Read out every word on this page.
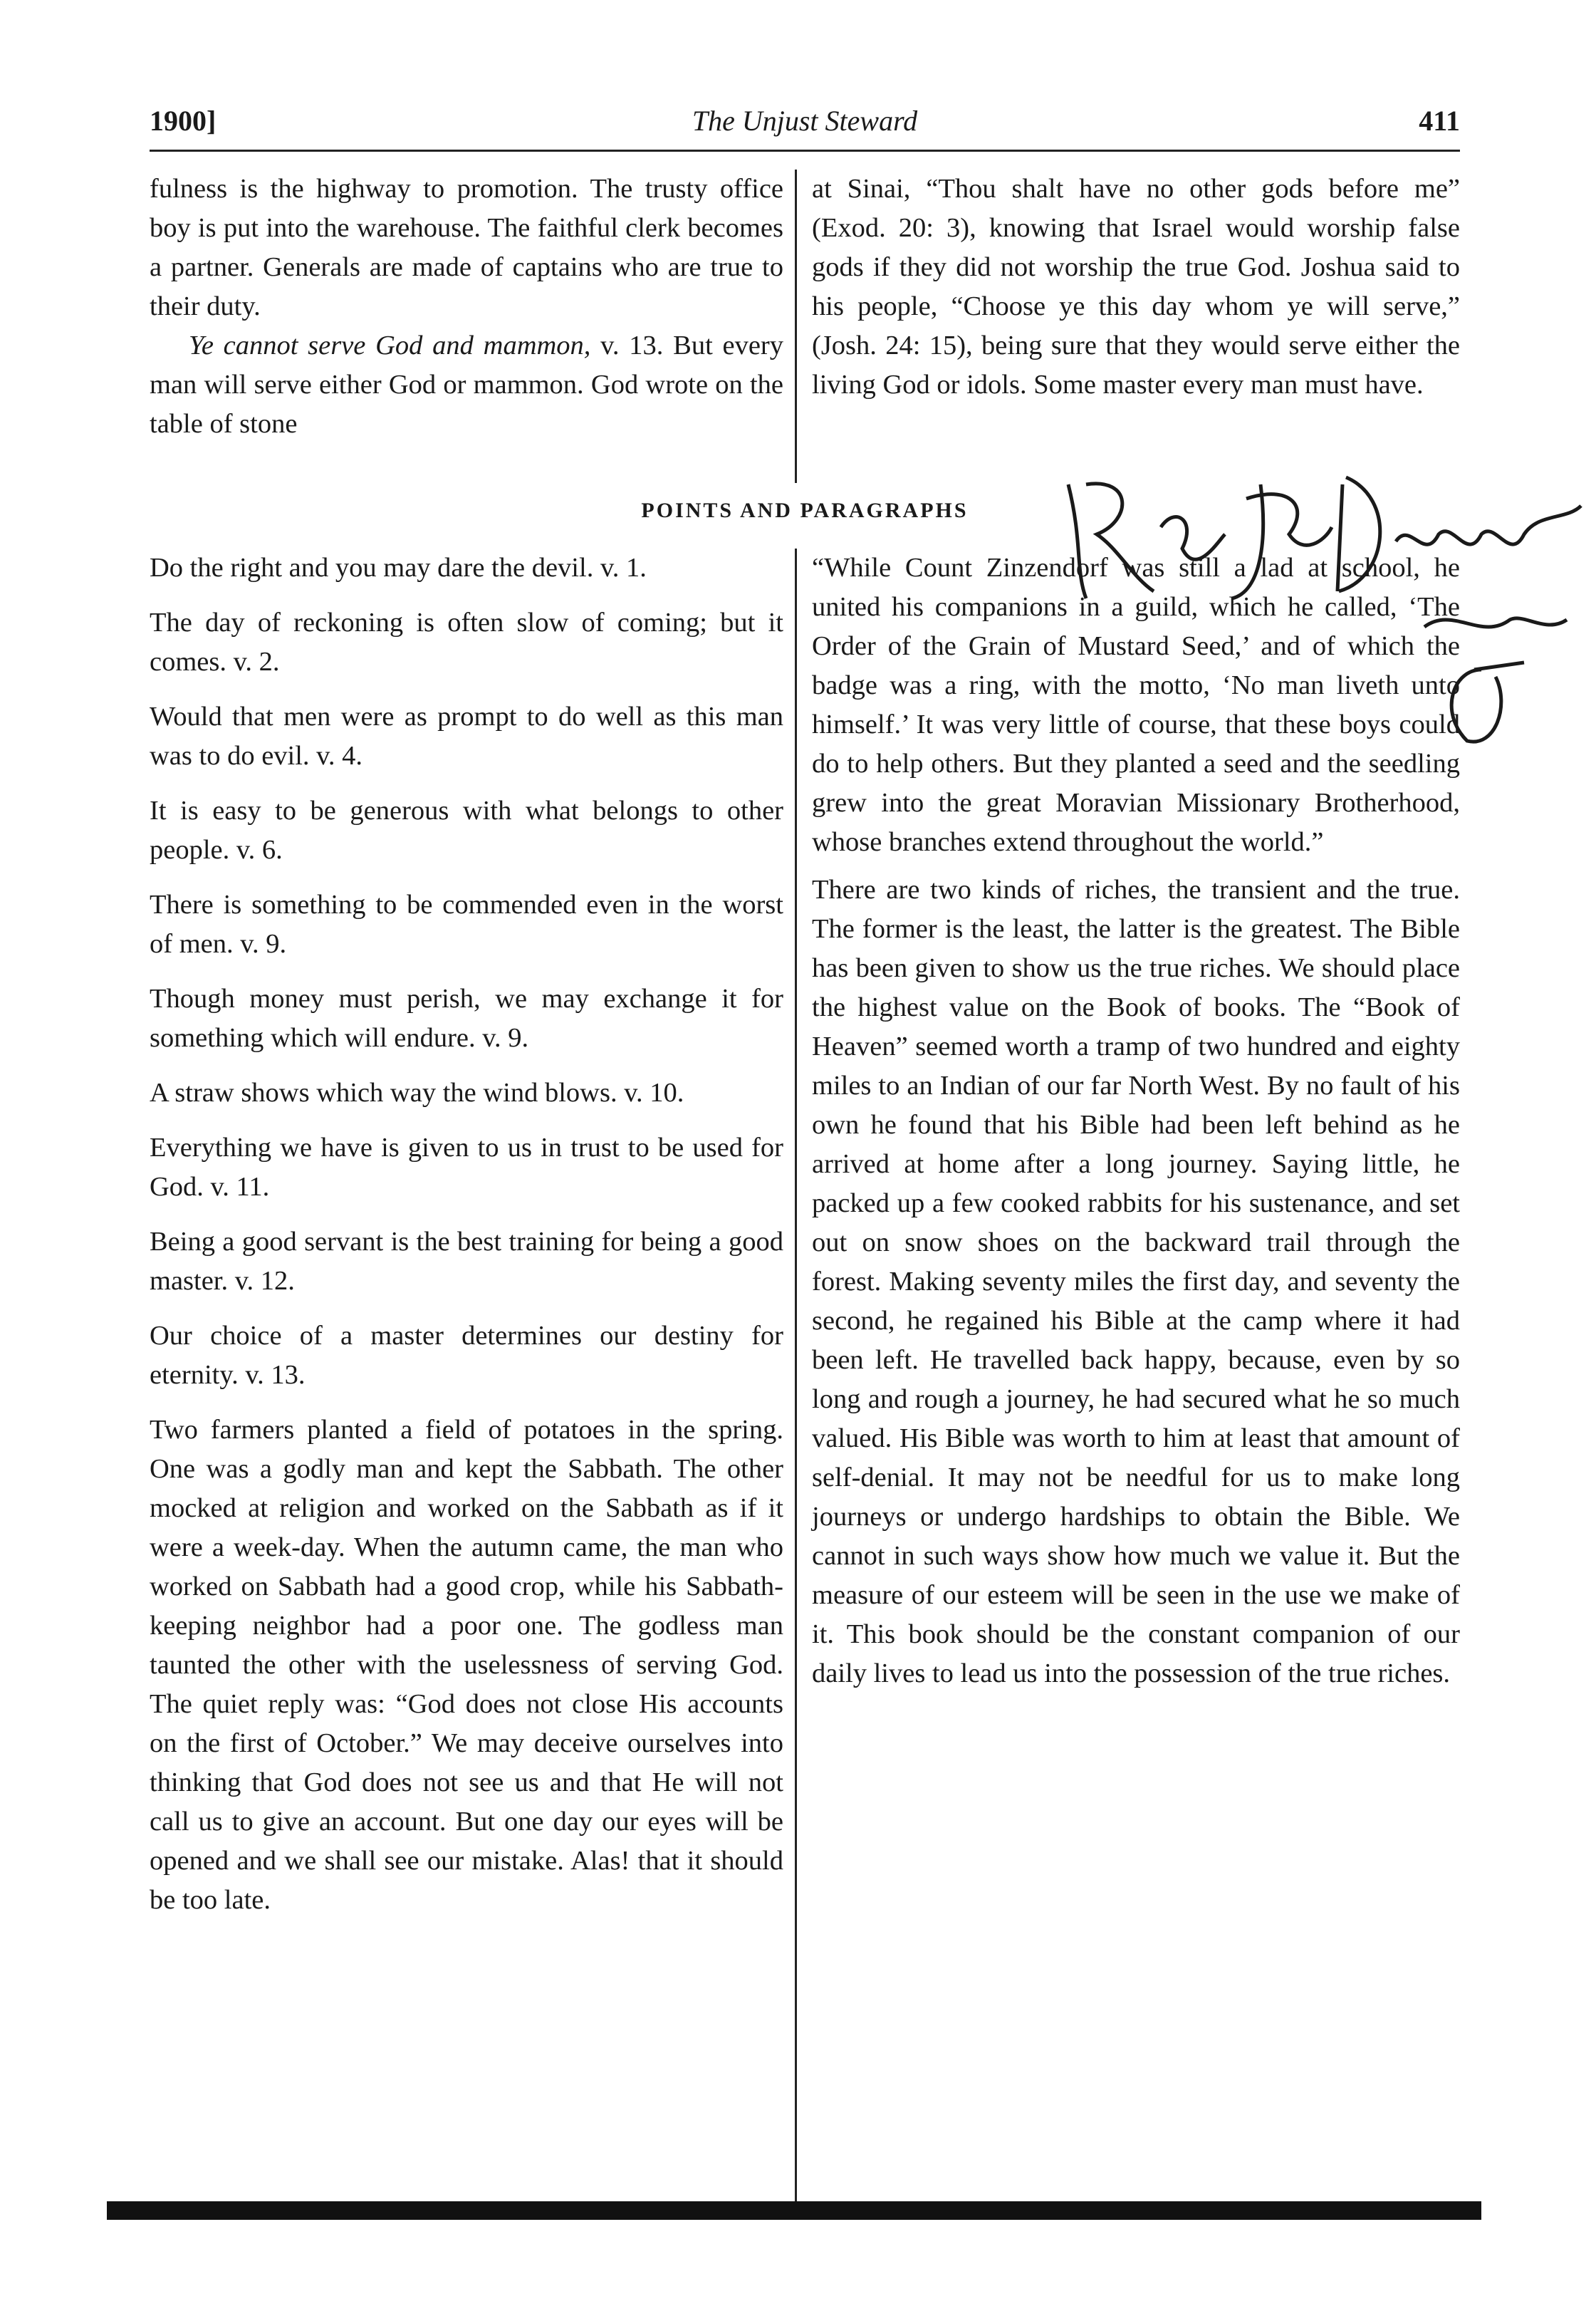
1900]	The Unjust Steward	411

fulness is the highway to promotion. The trusty office boy is put into the warehouse. The faithful clerk becomes a partner. Generals are made of captains who are true to their duty.

Ye cannot serve God and mammon, v. 13. But every man will serve either God or mammon. God wrote on the table of stone

at Sinai, “Thou shalt have no other gods before me” (Exod. 20: 3), knowing that Israel would worship false gods if they did not worship the true God. Joshua said to his people, “Choose ye this day whom ye will serve,” (Josh. 24: 15), being sure that they would serve either the living God or idols. Some master every man must have.

POINTS AND PARAGRAPHS

Do the right and you may dare the devil. v. 1.

The day of reckoning is often slow of coming; but it comes. v. 2.

Would that men were as prompt to do well as this man was to do evil. v. 4.

It is easy to be generous with what belongs to other people. v. 6.

There is something to be commended even in the worst of men. v. 9.

Though money must perish, we may exchange it for something which will endure. v. 9.

A straw shows which way the wind blows. v. 10.

Everything we have is given to us in trust to be used for God. v. 11.

Being a good servant is the best training for being a good master. v. 12.

Our choice of a master determines our destiny for eternity. v. 13.

Two farmers planted a field of potatoes in the spring. One was a godly man and kept the Sabbath. The other mocked at religion and worked on the Sabbath as if it were a week-day. When the autumn came, the man who worked on Sabbath had a good crop, while his Sabbath-keeping neighbor had a poor one. The godless man taunted the other with the uselessness of serving God. The quiet reply was: “God does not close His accounts on the first of October.” We may deceive ourselves into thinking that God does not see us and that He will not call us to give an account. But one day our eyes will be opened and we shall see our mistake. Alas! that it should be too late.

“While Count Zinzendorf was still a lad at school, he united his companions in a guild, which he called, ‘The Order of the Grain of Mustard Seed,’ and of which the badge was a ring, with the motto, ‘No man liveth unto himself.’ It was very little of course, that these boys could do to help others. But they planted a seed and the seedling grew into the great Moravian Missionary Brotherhood, whose branches extend throughout the world.”

There are two kinds of riches, the transient and the true. The former is the least, the latter is the greatest. The Bible has been given to show us the true riches. We should place the highest value on the Book of books. The “Book of Heaven” seemed worth a tramp of two hundred and eighty miles to an Indian of our far North West. By no fault of his own he found that his Bible had been left behind as he arrived at home after a long journey. Saying little, he packed up a few cooked rabbits for his sustenance, and set out on snow shoes on the backward trail through the forest. Making seventy miles the first day, and seventy the second, he regained his Bible at the camp where it had been left. He travelled back happy, because, even by so long and rough a journey, he had secured what he so much valued. His Bible was worth to him at least that amount of self-denial. It may not be needful for us to make long journeys or undergo hardships to obtain the Bible. We cannot in such ways show how much we value it. But the measure of our esteem will be seen in the use we make of it. This book should be the constant companion of our daily lives to lead us into the possession of the true riches.
